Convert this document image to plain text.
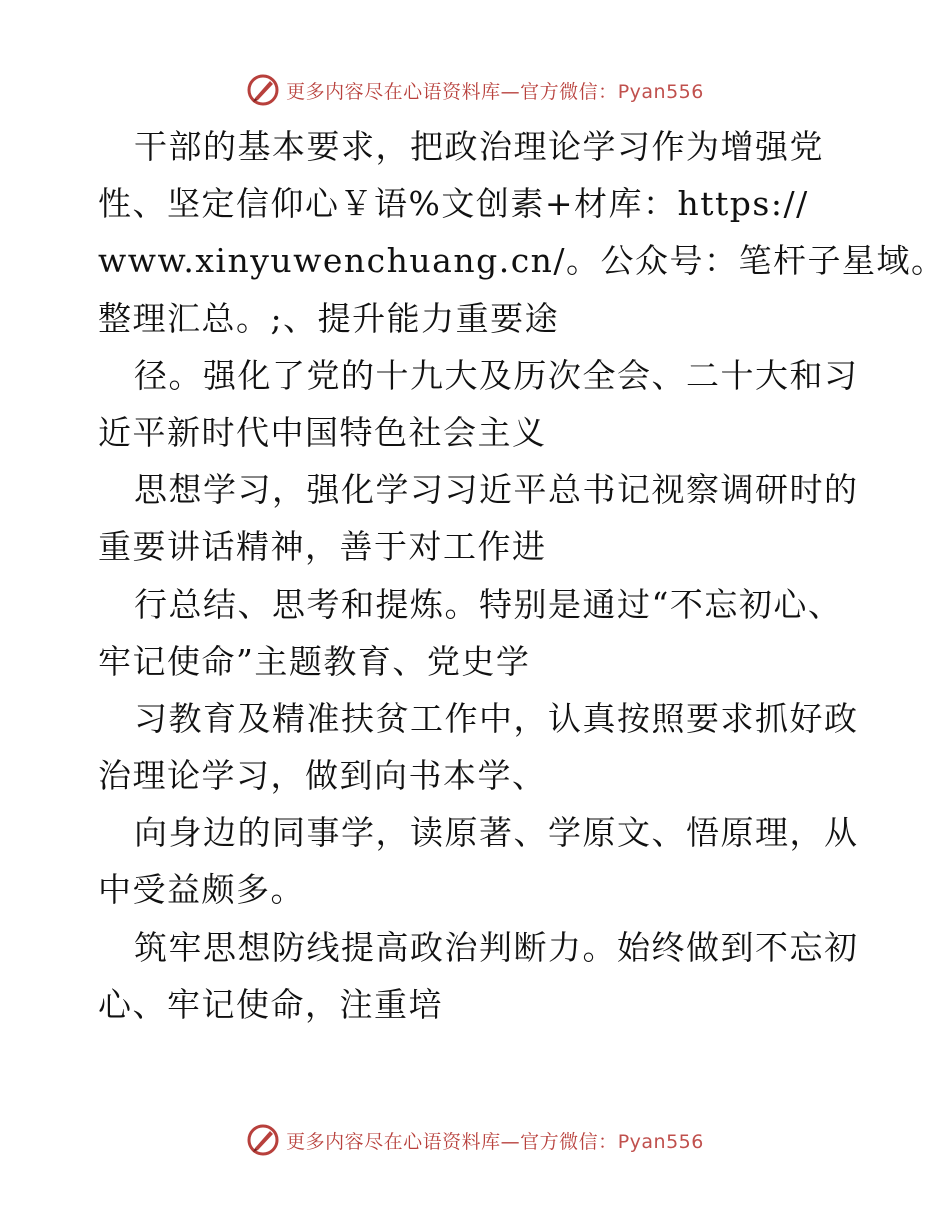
更多内容尽在心语资料库—官方微信：Pyan556
干部的基本要求，把政治理论学习作为增强党
性、坚定信仰心￥语%文创素+材库：https://
www.xinyuwenchuang.cn/。公众号：笔杆子星域。
整理汇总。;、提升能力重要途
径。强化了党的十九大及历次全会、二十大和习
近平新时代中国特色社会主义
思想学习，强化学习习近平总书记视察调研时的
重要讲话精神，善于对工作进
行总结、思考和提炼。特别是通过“不忘初心、
牢记使命”主题教育、党史学
习教育及精准扶贫工作中，认真按照要求抓好政
治理论学习，做到向书本学、
向身边的同事学，读原著、学原文、悟原理，从
中受益颇多。
筑牢思想防线提高政治判断力。始终做到不忘初
心、牢记使命，注重培
更多内容尽在心语资料库—官方微信：Pyan556
